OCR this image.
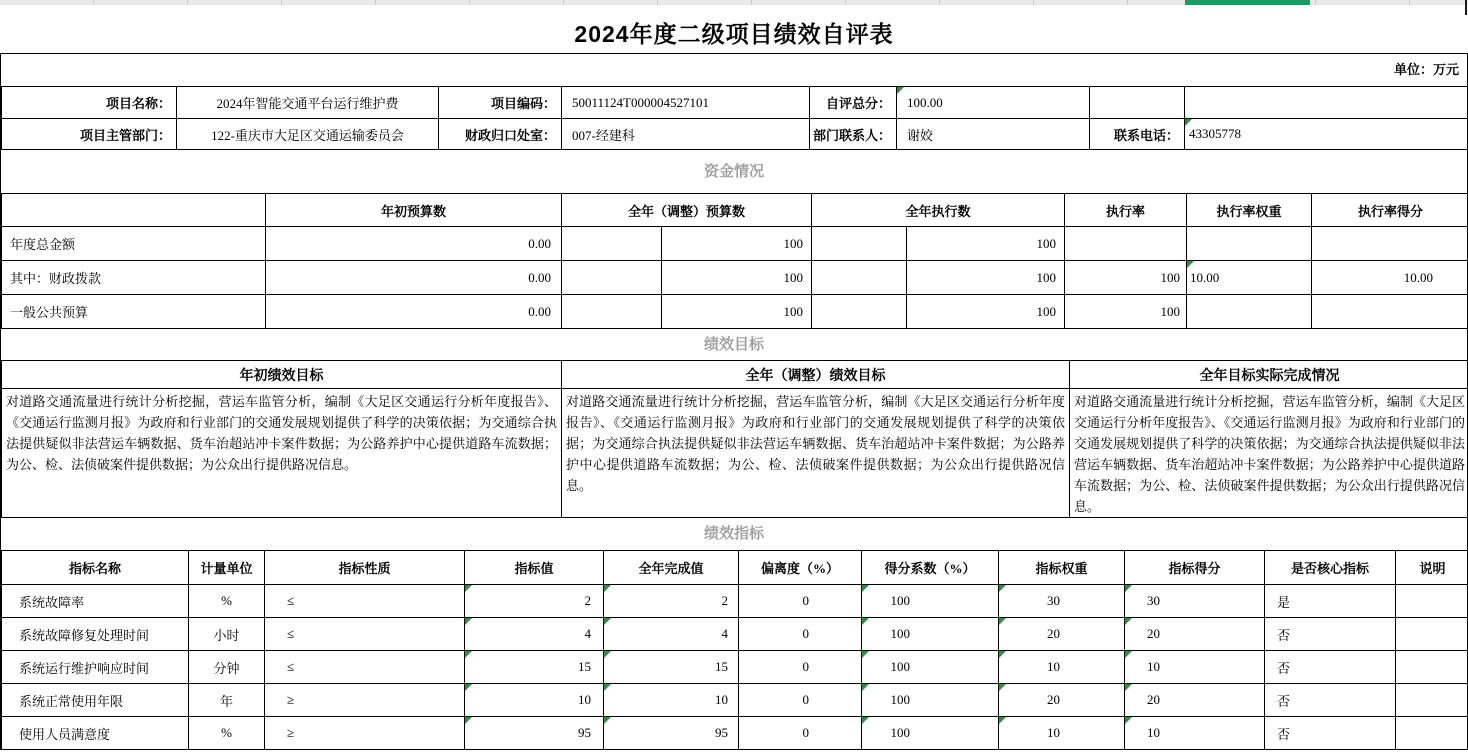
2024年度二级项目绩效自评表
单位：万元
项目名称：	2024年智能交通平台运行维护费	项目编码：	50011124T000004527101	自评总分：	100.00		
项目主管部门：	122-重庆市大足区交通运输委员会	财政归口处室：	007-经建科	部门联系人：	谢姣	联系电话：	43305778
资金情况
	年初预算数	全年（调整）预算数		全年执行数		执行率	执行率权重	执行率得分
年度总金额	0.00		100		100			
其中：财政拨款	0.00		100		100	100	10.00	10.00
一般公共预算	0.00		100		100	100		
绩效目标
年初绩效目标	全年（调整）绩效目标	全年目标实际完成情况
对道路交通流量进行统计分析挖掘，营运车监管分析，编制《大足区交通运行分析年度报告》、《交通运行监测月报》为政府和行业部门的交通发展规划提供了科学的决策依据；为交通综合执法提供疑似非法营运车辆数据、货车治超站冲卡案件数据；为公路养护中心提供道路车流数据；为公、检、法侦破案件提供数据；为公众出行提供路况信息。	对道路交通流量进行统计分析挖掘，营运车监管分析，编制《大足区交通运行分析年度报告》、《交通运行监测月报》为政府和行业部门的交通发展规划提供了科学的决策依据；为交通综合执法提供疑似非法营运车辆数据、货车治超站冲卡案件数据；为公路养护中心提供道路车流数据；为公、检、法侦破案件提供数据；为公众出行提供路况信息。	对道路交通流量进行统计分析挖掘，营运车监管分析，编制《大足区交通运行分析年度报告》、《交通运行监测月报》为政府和行业部门的交通发展规划提供了科学的决策依据；为交通综合执法提供疑似非法营运车辆数据、货车治超站冲卡案件数据；为公路养护中心提供道路车流数据；为公、检、法侦破案件提供数据；为公众出行提供路况信息。
绩效指标
指标名称	计量单位	指标性质	指标值	全年完成值	偏离度（%）	得分系数（%）	指标权重	指标得分	是否核心指标	说明
系统故障率	%	≤	2	2	0	100	30	30	是	
系统故障修复处理时间	小时	≤	4	4	0	100	20	20	否	
系统运行维护响应时间	分钟	≤	15	15	0	100	10	10	否	
系统正常使用年限	年	≥	10	10	0	100	20	20	否	
使用人员满意度	%	≥	95	95	0	100	10	10	否	
